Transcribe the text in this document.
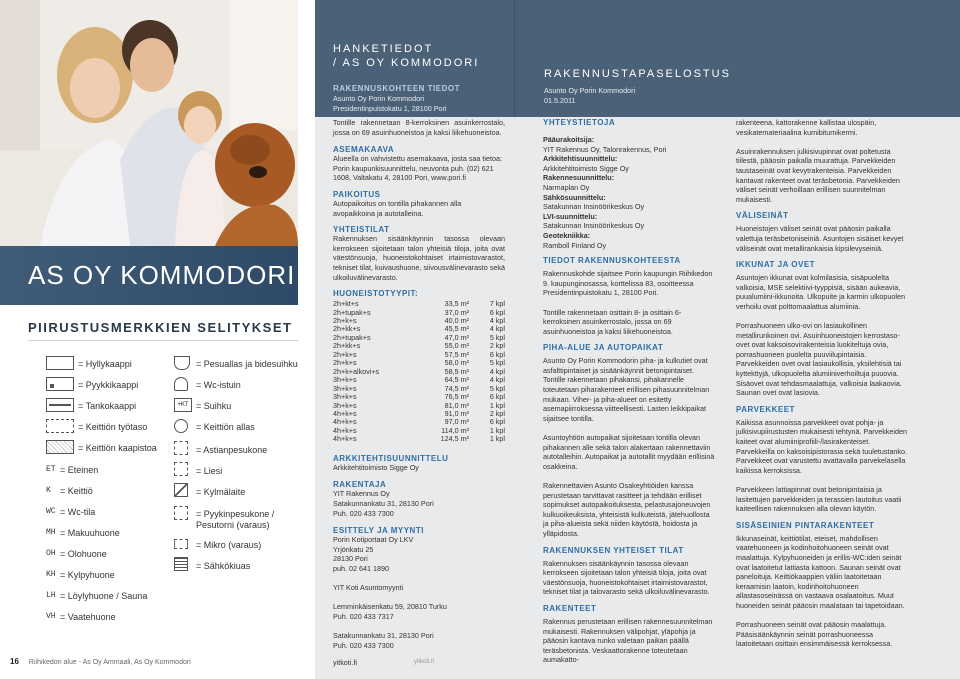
AS OY KOMMODORI
PIIRUSTUSMERKKIEN SELITYKSET
= Hyllykaappi
= Pyykkikaappi
= Tankokaappi
= Keittiön työtaso
= Keittiön kaapistoa
= Pesuallas ja bidesuihku
= Wc-istuin
+KT = Suihku
= Keittiön allas
= Astianpesukone
= Liesi
= Kylmälaite
= Pyykinpesukone /
Pesutorni (varaus)
= Mikro (varaus)
= Sähkökiuas
ET = Eteinen
K = Keittiö
WC = Wc-tila
MH = Makuuhuone
OH = Olohuone
KH = Kylpyhuone
LH = Löylyhuone / Sauna
VH = Vaatehuone
16 Riihikedon alue - As Oy Ammaali, As Oy Kommodori
HANKETIEDOT
/ AS OY KOMMODORI
RAKENNUSKOHTEEN TIEDOT
Asunto Oy Porin Kommodori
Presidentinpuistokatu 1, 28100 Pori
RAKENNUSTAPASELOSTUS
Asunto Oy Porin Kommodori
01.5.2011
Tontille rakennetaan 8-kerroksinen asuinkerrostalo, jossa on 69 asuinhuoneistoa ja kaksi liikehuoneistoa.
ASEMAKAAVA
Alueella on vahvistettu asemakaava, josta saa tietoa: Porin kaupunkisuunnittelu, neuvonta puh. (02) 621 1608, Valtakatu 4, 28100 Pori, www.pori.fi
PAIKOITUS
Autopaikoitus on tontilla pihakannen alla avopaikkoina ja autotalleina.
YHTEISTILAT
Rakennuksen sisäänkäynnin tasossa olevaan kerrokseen sijoitetaan talon yhteisiä tiloja, joita ovat väestönsuoja, huoneistokohtaiset irtaimistovarastot, tekniset tilat, kuivaushuone, siivousvälinevarasto sekä ulkoiluvälinevarasto.
HUONEISTOTYYPIT:
2h+kt+s	33,5 m²	7 kpl
2h+tupak+s	37,0 m²	6 kpl
2h+k+s	40,0 m²	4 kpl
2h+kk+s	45,5 m²	4 kpl
2h+tupak+s	47,0 m²	5 kpl
2h+kk+s	55,0 m²	2 kpl
2h+k+s	57,5 m²	6 kpl
2h+k+s	58,0 m²	5 kpl
2h+k+alkovi+s	58,5 m²	4 kpl
3h+k+s	64,5 m²	4 kpl
3h+k+s	74,5 m²	5 kpl
3h+k+s	76,5 m²	6 kpl
3h+k+s	81,0 m²	1 kpl
4h+k+s	91,0 m²	2 kpl
4h+k+s	97,0 m²	6 kpl
4h+k+s	114,0 m²	1 kpl
4h+k+s	124,5 m²	1 kpl
ARKKITEHTISUUNNITTELU
Arkkitehtitoimisto Sigge Oy
RAKENTAJA
YIT Rakennus Oy
Satakunnankatu 31, 28130 Pori
Puh. 020 433 7300
ESITTELY JA MYYNTI
Porin Kotiportaat Oy LKV
Yrjönkatu 25
28130 Pori
puh. 02 641 1890

YIT Koti Asuntomyynti

Lemminkäisenkatu 59, 20810 Turku
Puh. 020 433 7317

Satakunnankatu 31, 28130 Pori
Puh. 020 433 7300
yitkoti.fi
YHTEYSTIETOJA
Pääurakoitsija:
YIT Rakennus Oy, Talonrakennus, Pori
Arkkitehtisuunnittelu:
Arkkitehtitoimisto Sigge Oy
Rakennesuunnittelu:
Narmaplan Oy
Sähkösuunnittelu:
Satakunnan Insinöörikeskus Oy
LVI-suunnittelu:
Satakunnan Insinöörikeskus Oy
Geotekniikka:
Ramboll Finland Oy
TIEDOT RAKENNUSKOHTEESTA
Rakennuskohde sijaitsee Porin kaupungin Riihikedon 9. kaupunginosassa, korttelissa 83, osoitteessa Presidentinpuistokatu 1, 28100 Pori.

Tontille rakennetaan osittain 8- ja osittain 6-kerroksinen asuinkerrostalo, jossa on 69 asuinhuoneistoa ja kaksi liikehuoneistoa.
PIHA-ALUE JA AUTOPAIKAT
Asunto Oy Porin Kommodorin piha- ja kulkutiet ovat asfalttipintaiset ja sisäänkäynnit betonipintaiset. Tontille rakennetaan pihakansi, pihakannelle toteutetaan piharakenteet erillisen pihasuunnitelman mukaan. Viher- ja piha-alueet on esitetty asemapiirroksessa viitteellisesti. Lasten leikkipaikat sijaitsee tontilla.

Asuntoyhtiön autopaikat sijoitetaan tontilla olevan pihakannen alle sekä talon alakertaan rakennettaviin autotalleihin. Autopaikat ja autotallit myydään erillisinä osakkeina.

Rakennettavien Asunto Osakeyhtiöiden kanssa perustetaan tarvittavat rasitteet ja tehdään erilliset sopimukset autopaikoituksesta, pelastusajoneuvojen kulkuoikeuksista, yhteisistä kulkuteistä, jätehuollosta ja piha-alueista sekä niiden käytöstä, hoidosta ja ylläpidosta.
RAKENNUKSEN YHTEISET TILAT
Rakennuksen sisäänkäynnin tasossa olevaan kerrokseen sijoitetaan talon yhteisiä tiloja, joita ovat väestönsuoja, huoneistokohtaiset irtaimistovarastot, tekniset tilat ja talovarasto sekä ulkoiluvälinevarasto.
RAKENTEET
Rakennus perustetaan erillisen rakennesuunnitelman mukaisesti. Rakennuksen välipohjat, yläpohja ja pääosin kantava runko valetaan paikan päällä teräsbetonista. Veskaattorakenne toteutetaan aumakatto-
rakenteena, kattorakenne kallistaa ulospäin, vesikatemateriaalina kumibitumikermi.

Asuinrakennuksen julkisivupinnat ovat poltetusta tiilestä, pääosin paikalla muurattuja. Parvekkeiden taustaseinät ovat kevytrakenteisia. Parvekkeiden kantavat rakenteet ovat teräsbetonia. Parvekkeiden väliset seinät verhoillaan erillisen suunnitelman mukaisesti.
VÄLISEINÄT
Huoneistojen väliset seinät ovat pääosin paikalla valettuja teräsbetoniseiniä. Asuntojen sisäiset kevyet väliseinät ovat metallirankaisia kipsilevyseiniä.
IKKUNAT JA OVET
Asuntojen ikkunat ovat kolmilasisia, sisäpuolelta valkoisia, MSE selektiivi-tyyppisiä, sisään aukeavia, puualumiini-ikkunoita. Ulkopuite ja karmin ulkopuolen verhoilu ovat polttomaalattua alumiinia.

Porrashuoneen ulko-ovi on lasiaukollinen metallirunkoinen ovi. Asuinhuoneistojen kerrostaso-ovet ovat kaksoisovirakenteisia luokiteltuja ovia, porrashuoneen puolelta puuviilupintaisia. Parvekkeiden ovet ovat lasiaukollisia, yksilehtisiä tai kyttekttyjä, ulkopuolelta alumiiniverhoiltuja puuovia. Sisäovet ovat tehdasmaalattuja, valkoisia laakaovia. Saunan ovet ovat lasiovia.
PARVEKKEET
Kaikissa asunnoissa parvekkeet ovat pohja- ja julkisivupiirustusten mukaisesti tehtynä. Parvekkeiden kaiteet ovat alumiiniprofiili-/lasirakenteiset. Parvekkeilla on kaksoisipistorasia sekä tuuletustanko. Parvekkeet ovat varustettu avattavalla parvekelasella kaikissa kerroksissa.

Parvekkeen lattiapinnat ovat betonipintaisia ja lasitettujen parvekkeiden ja terassien lautoitus vaatii kaiteellisen rakennuksen alla olevan käytön.
SISÄSEINIEN PINTARAKENTEET
Ikkunaseinät, keittiötilat, eteiset, mahdollisen vaatehuoneen ja kodinhoitohuoneen seinät ovat maalattuja. Kylpyhuoneiden ja erillis-WC:iden seinät ovat laatoitetut lattiasta kattoon. Saunan seinät ovat paneloituja. Keittiökaappien väliin laatoitetaan keraamisin laatoin, kodinhoitohuoneen allastasoseinässä on vastaava osalaatoitus. Muut huoneiden seinät pääosin maalataan tai tapetoidaan.

Porrashuoneen seinät ovat pääosin maalattuja. Pääsisäänkäynnin seinät porrashuoneessa laatoitetaan osittain ensimmäisessä kerroksessa.
yitkoti.fi
